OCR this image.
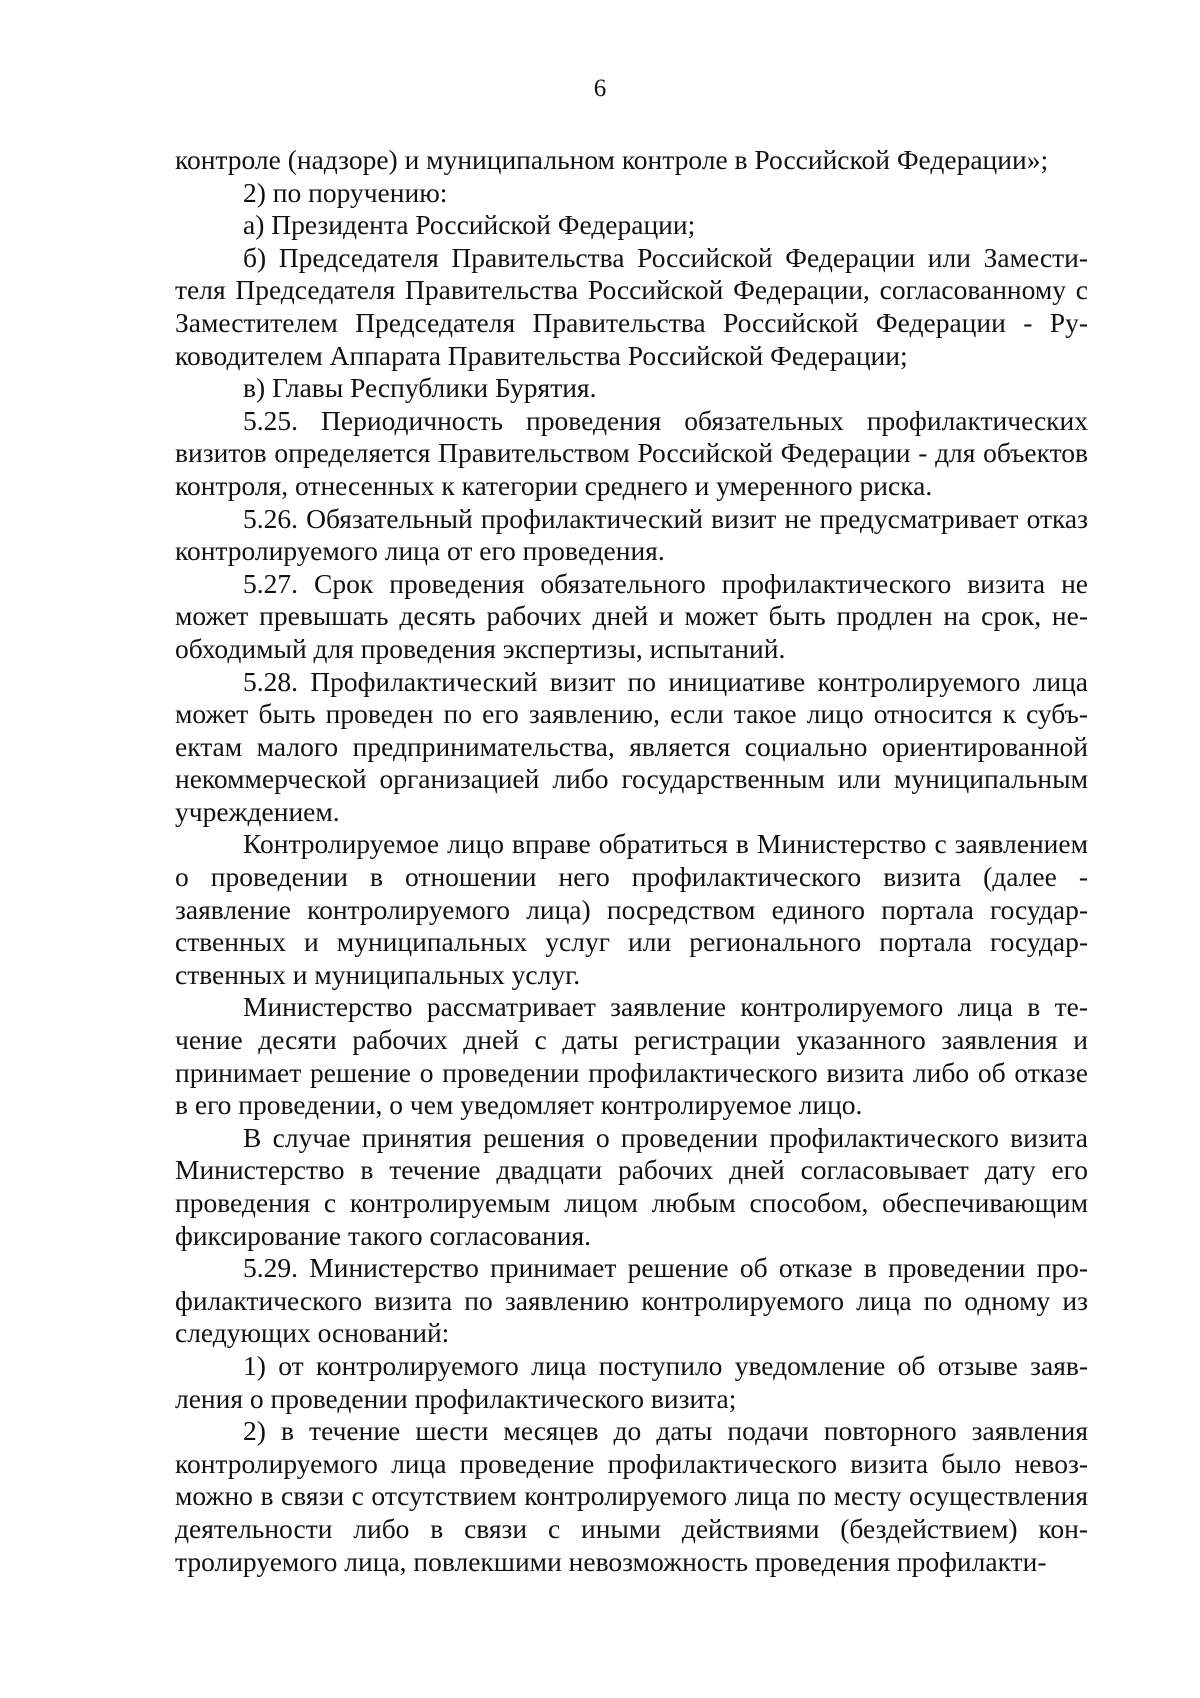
6

контроле (надзоре) и муниципальном контроле в Российской Федерации»;

2) по поручению:

а) Президента Российской Федерации;

б) Председателя Правительства Российской Федерации или Заместителя Председателя Правительства Российской Федерации, согласованному с Заместителем Председателя Правительства Российской Федерации - Руководителем Аппарата Правительства Российской Федерации;

в) Главы Республики Бурятия.

5.25. Периодичность проведения обязательных профилактических визитов определяется Правительством Российской Федерации - для объектов контроля, отнесенных к категории среднего и умеренного риска.

5.26. Обязательный профилактический визит не предусматривает отказ контролируемого лица от его проведения.

5.27. Срок проведения обязательного профилактического визита не может превышать десять рабочих дней и может быть продлен на срок, необходимый для проведения экспертизы, испытаний.

5.28. Профилактический визит по инициативе контролируемого лица может быть проведен по его заявлению, если такое лицо относится к субъектам малого предпринимательства, является социально ориентированной некоммерческой организацией либо государственным или муниципальным учреждением.

Контролируемое лицо вправе обратиться в Министерство с заявлением о проведении в отношении него профилактического визита (далее - заявление контролируемого лица) посредством единого портала государственных и муниципальных услуг или регионального портала государственных и муниципальных услуг.

Министерство рассматривает заявление контролируемого лица в течение десяти рабочих дней с даты регистрации указанного заявления и принимает решение о проведении профилактического визита либо об отказе в его проведении, о чем уведомляет контролируемое лицо.

В случае принятия решения о проведении профилактического визита Министерство в течение двадцати рабочих дней согласовывает дату его проведения с контролируемым лицом любым способом, обеспечивающим фиксирование такого согласования.

5.29. Министерство принимает решение об отказе в проведении профилактического визита по заявлению контролируемого лица по одному из следующих оснований:

1) от контролируемого лица поступило уведомление об отзыве заявления о проведении профилактического визита;

2) в течение шести месяцев до даты подачи повторного заявления контролируемого лица проведение профилактического визита было невозможно в связи с отсутствием контролируемого лица по месту осуществления деятельности либо в связи с иными действиями (бездействием) контролируемого лица, повлекшими невозможность проведения профилакти-
